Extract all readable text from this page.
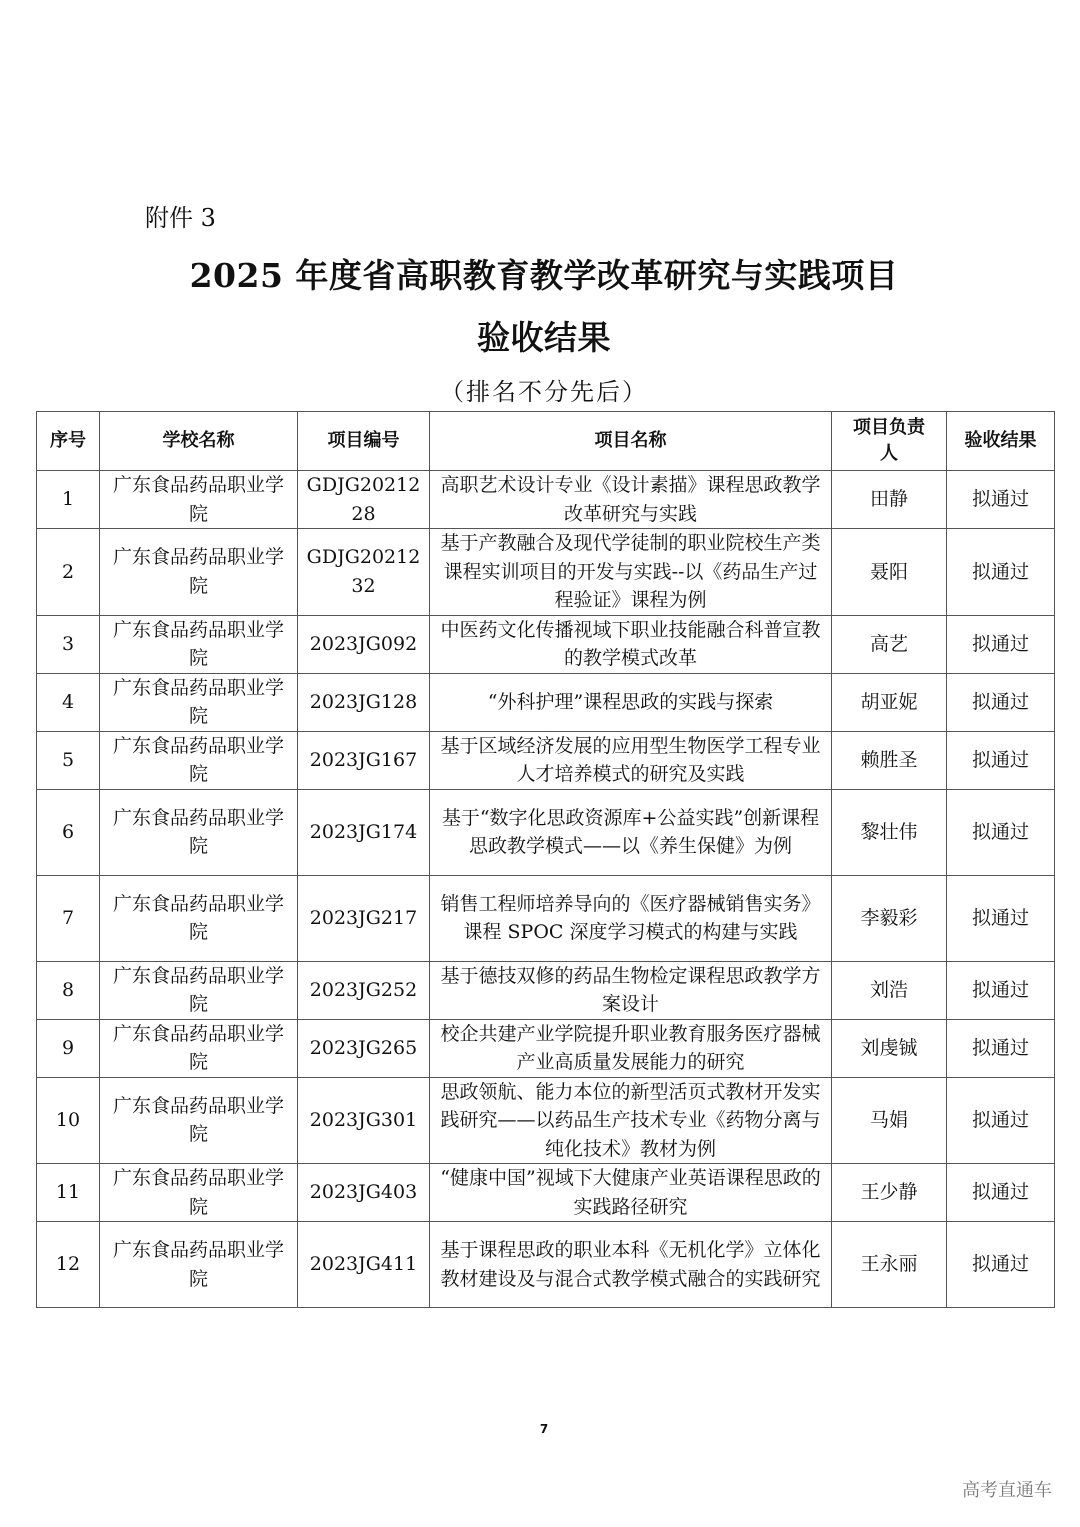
附件 3
2025 年度省高职教育教学改革研究与实践项目
验收结果
（排名不分先后）
序号	学校名称	项目编号	项目名称	项目负责人	验收结果
1	广东食品药品职业学院	GDJG2021228	高职艺术设计专业《设计素描》课程思政教学改革研究与实践	田静	拟通过
2	广东食品药品职业学院	GDJG2021232	基于产教融合及现代学徒制的职业院校生产类课程实训项目的开发与实践--以《药品生产过程验证》课程为例	聂阳	拟通过
3	广东食品药品职业学院	2023JG092	中医药文化传播视域下职业技能融合科普宣教的教学模式改革	高艺	拟通过
4	广东食品药品职业学院	2023JG128	“外科护理”课程思政的实践与探索	胡亚妮	拟通过
5	广东食品药品职业学院	2023JG167	基于区域经济发展的应用型生物医学工程专业人才培养模式的研究及实践	赖胜圣	拟通过
6	广东食品药品职业学院	2023JG174	基于“数字化思政资源库+公益实践”创新课程思政教学模式——以《养生保健》为例	黎壮伟	拟通过
7	广东食品药品职业学院	2023JG217	销售工程师培养导向的《医疗器械销售实务》课程 SPOC 深度学习模式的构建与实践	李毅彩	拟通过
8	广东食品药品职业学院	2023JG252	基于德技双修的药品生物检定课程思政教学方案设计	刘浩	拟通过
9	广东食品药品职业学院	2023JG265	校企共建产业学院提升职业教育服务医疗器械产业高质量发展能力的研究	刘虔铖	拟通过
10	广东食品药品职业学院	2023JG301	思政领航、能力本位的新型活页式教材开发实践研究——以药品生产技术专业《药物分离与纯化技术》教材为例	马娟	拟通过
11	广东食品药品职业学院	2023JG403	“健康中国”视域下大健康产业英语课程思政的实践路径研究	王少静	拟通过
12	广东食品药品职业学院	2023JG411	基于课程思政的职业本科《无机化学》立体化教材建设及与混合式教学模式融合的实践研究	王永丽	拟通过
7
高考直通车
